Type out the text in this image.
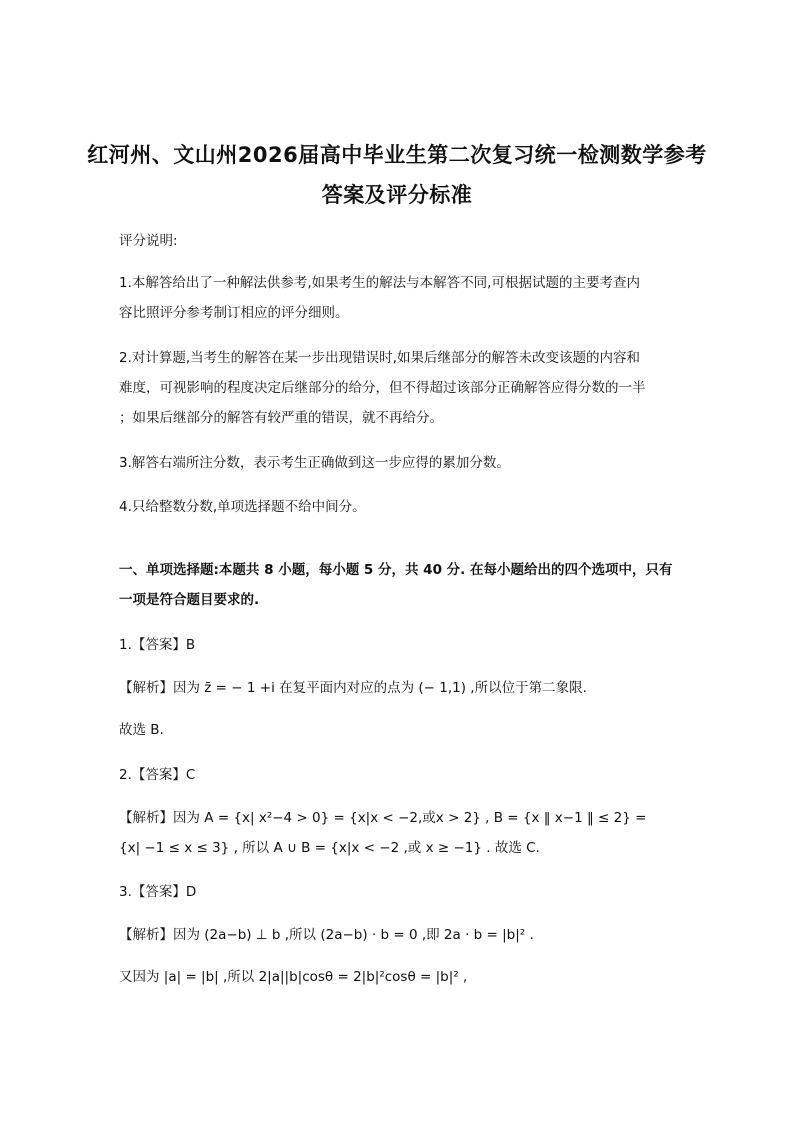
红河州、文山州2026届高中毕业生第二次复习统一检测数学参考
答案及评分标准
评分说明:
1.本解答给出了一种解法供参考,如果考生的解法与本解答不同,可根据试题的主要考查内
容比照评分参考制订相应的评分细则。
2.对计算题,当考生的解答在某一步出现错误时,如果后继部分的解答未改变该题的内容和
难度，可视影响的程度决定后继部分的给分，但不得超过该部分正确解答应得分数的一半
；如果后继部分的解答有较严重的错误，就不再给分。
3.解答右端所注分数，表示考生正确做到这一步应得的累加分数。
4.只给整数分数,单项选择题不给中间分。
一、单项选择题:本题共 8 小题，每小题 5 分，共 40 分. 在每小题给出的四个选项中，只有
一项是符合题目要求的.
1.【答案】B
【解析】因为 z̄ = − 1 +i 在复平面内对应的点为 (− 1,1) ,所以位于第二象限.
故选 B.
2.【答案】C
【解析】因为 A = {x| x²−4 > 0} = {x|x < −2,或x > 2} , B = {x ‖ x−1 ‖ ≤ 2} =
{x| −1 ≤ x ≤ 3} , 所以 A ∪ B = {x|x < −2 ,或 x ≥ −1} . 故选 C.
3.【答案】D
【解析】因为 (2a−b) ⊥ b ,所以 (2a−b) · b = 0 ,即 2a · b = |b|² .
又因为 |a| = |b| ,所以 2|a||b|cosθ = 2|b|²cosθ = |b|² ,
